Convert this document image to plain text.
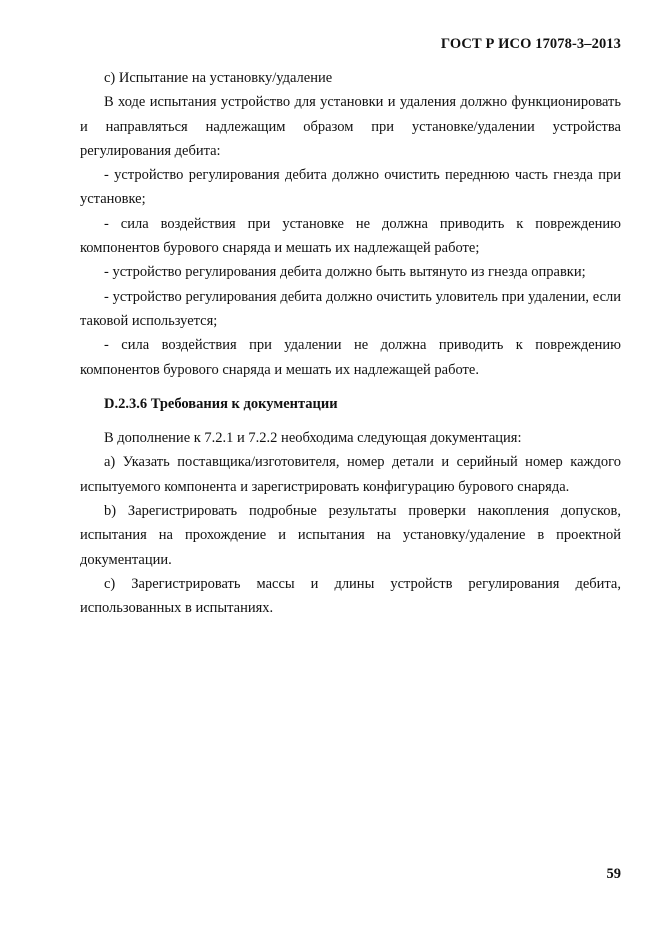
ГОСТ Р ИСО 17078-3–2013

с) Испытание на установку/удаление

В ходе испытания устройство для установки и удаления должно функционировать и направляться надлежащим образом при установке/удалении устройства регулирования дебита:

- устройство регулирования дебита должно очистить переднюю часть гнезда при установке;

- сила воздействия при установке не должна приводить к повреждению компонентов бурового снаряда и мешать их надлежащей работе;

- устройство регулирования дебита должно быть вытянуто из гнезда оправки;

- устройство регулирования дебита должно очистить уловитель при удалении, если таковой используется;

- сила воздействия при удалении не должна приводить к повреждению компонентов бурового снаряда и мешать их надлежащей работе.

D.2.3.6 Требования к документации

В дополнение к 7.2.1 и 7.2.2 необходима следующая документация:

а) Указать поставщика/изготовителя, номер детали и серийный номер каждого испытуемого компонента и зарегистрировать конфигурацию бурового снаряда.

b) Зарегистрировать подробные результаты проверки накопления допусков, испытания на прохождение и испытания на установку/удаление в проектной документации.

с) Зарегистрировать массы и длины устройств регулирования дебита, использованных в испытаниях.

59
